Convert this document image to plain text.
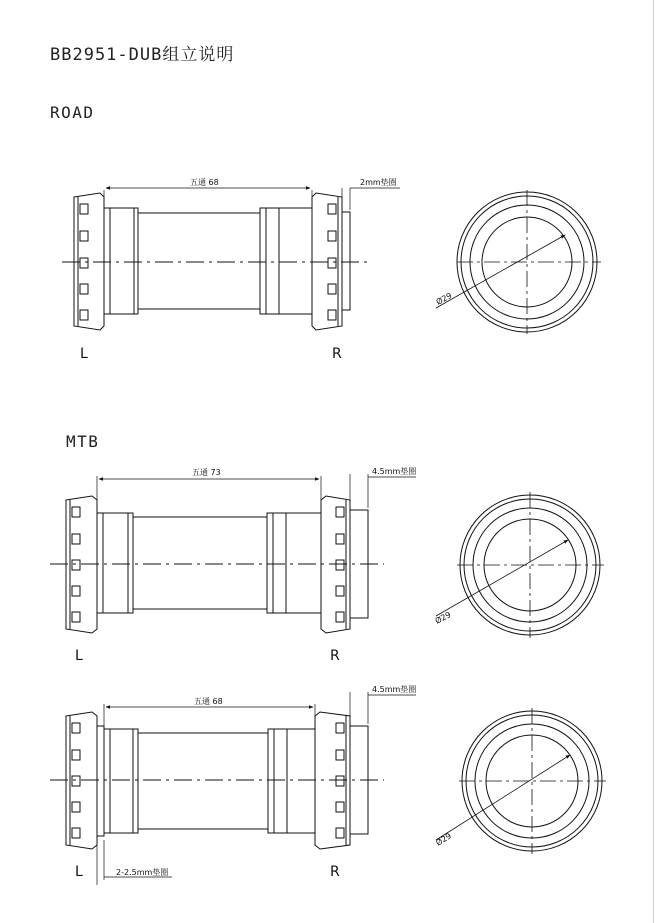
BB2951-DUB组立说明
ROAD
MTB
五通 68	2mm垫圈
L	R
Ø29
五通 73	4.5mm垫圈
L	R
Ø29
五通 68
4.5mm垫圈
2-2.5mm垫圈
L	R
Ø29
